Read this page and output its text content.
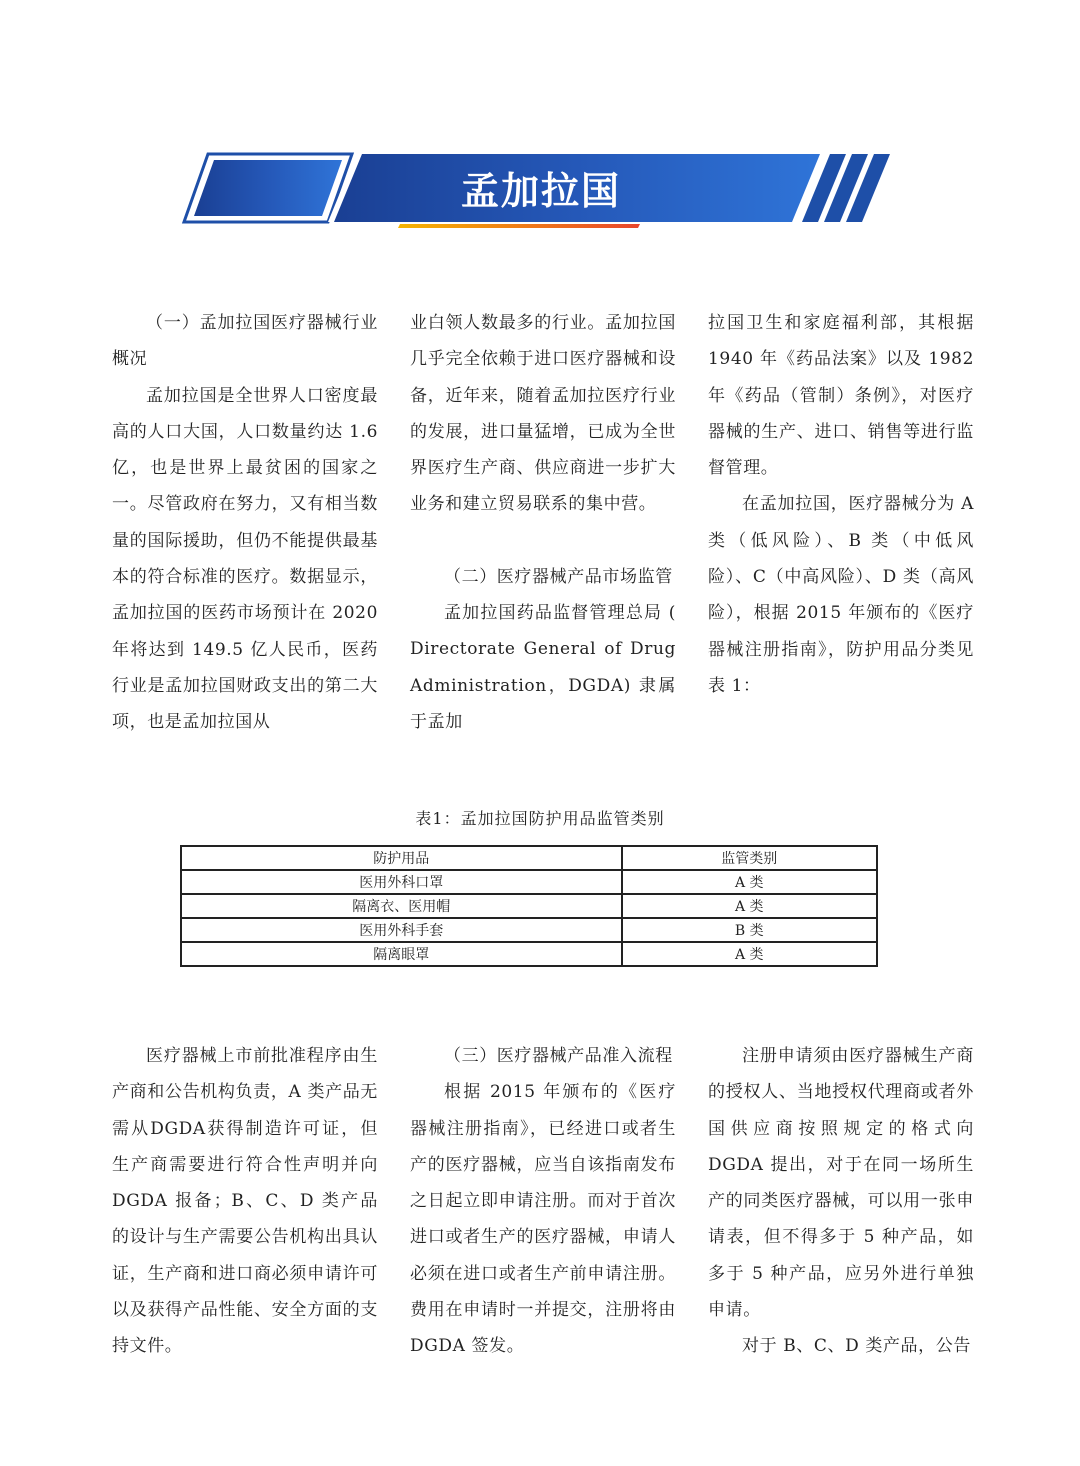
孟加拉国

（一）孟加拉国医疗器械行业概况

孟加拉国是全世界人口密度最高的人口大国，人口数量约达 1.6 亿，也是世界上最贫困的国家之一。尽管政府在努力，又有相当数量的国际援助，但仍不能提供最基本的符合标准的医疗。数据显示，孟加拉国的医药市场预计在 2020 年将达到 149.5 亿人民币，医药行业是孟加拉国财政支出的第二大项，也是孟加拉国从

业白领人数最多的行业。孟加拉国几乎完全依赖于进口医疗器械和设备，近年来，随着孟加拉医疗行业的发展，进口量猛增，已成为全世界医疗生产商、供应商进一步扩大业务和建立贸易联系的集中营。

（二）医疗器械产品市场监管

孟加拉国药品监督管理总局 ( Directorate General of Drug Administration，DGDA) 隶属于孟加

拉国卫生和家庭福利部，其根据 1940 年《药品法案》以及 1982 年《药品（管制）条例》，对医疗器械的生产、进口、销售等进行监督管理。

在孟加拉国，医疗器械分为 A 类（低风险）、B 类（中低风险）、C（中高风险）、D 类（高风险），根据 2015 年颁布的《医疗器械注册指南》，防护用品分类见表 1：

表1：孟加拉国防护用品监管类别
防护用品	监管类别
医用外科口罩	A 类
隔离衣、医用帽	A 类
医用外科手套	B 类
隔离眼罩	A 类

医疗器械上市前批准程序由生产商和公告机构负责，A 类产品无需从DGDA获得制造许可证，但生产商需要进行符合性声明并向 DGDA 报备；B、C、D 类产品的设计与生产需要公告机构出具认证，生产商和进口商必须申请许可以及获得产品性能、安全方面的支持文件。

（三）医疗器械产品准入流程

根据 2015 年颁布的《医疗器械注册指南》，已经进口或者生产的医疗器械，应当自该指南发布之日起立即申请注册。而对于首次进口或者生产的医疗器械，申请人必须在进口或者生产前申请注册。费用在申请时一并提交，注册将由 DGDA 签发。

注册申请须由医疗器械生产商的授权人、当地授权代理商或者外国供应商按照规定的格式向 DGDA 提出，对于在同一场所生产的同类医疗器械，可以用一张申请表，但不得多于 5 种产品，如多于 5 种产品，应另外进行单独申请。

对于 B、C、D 类产品，公告
